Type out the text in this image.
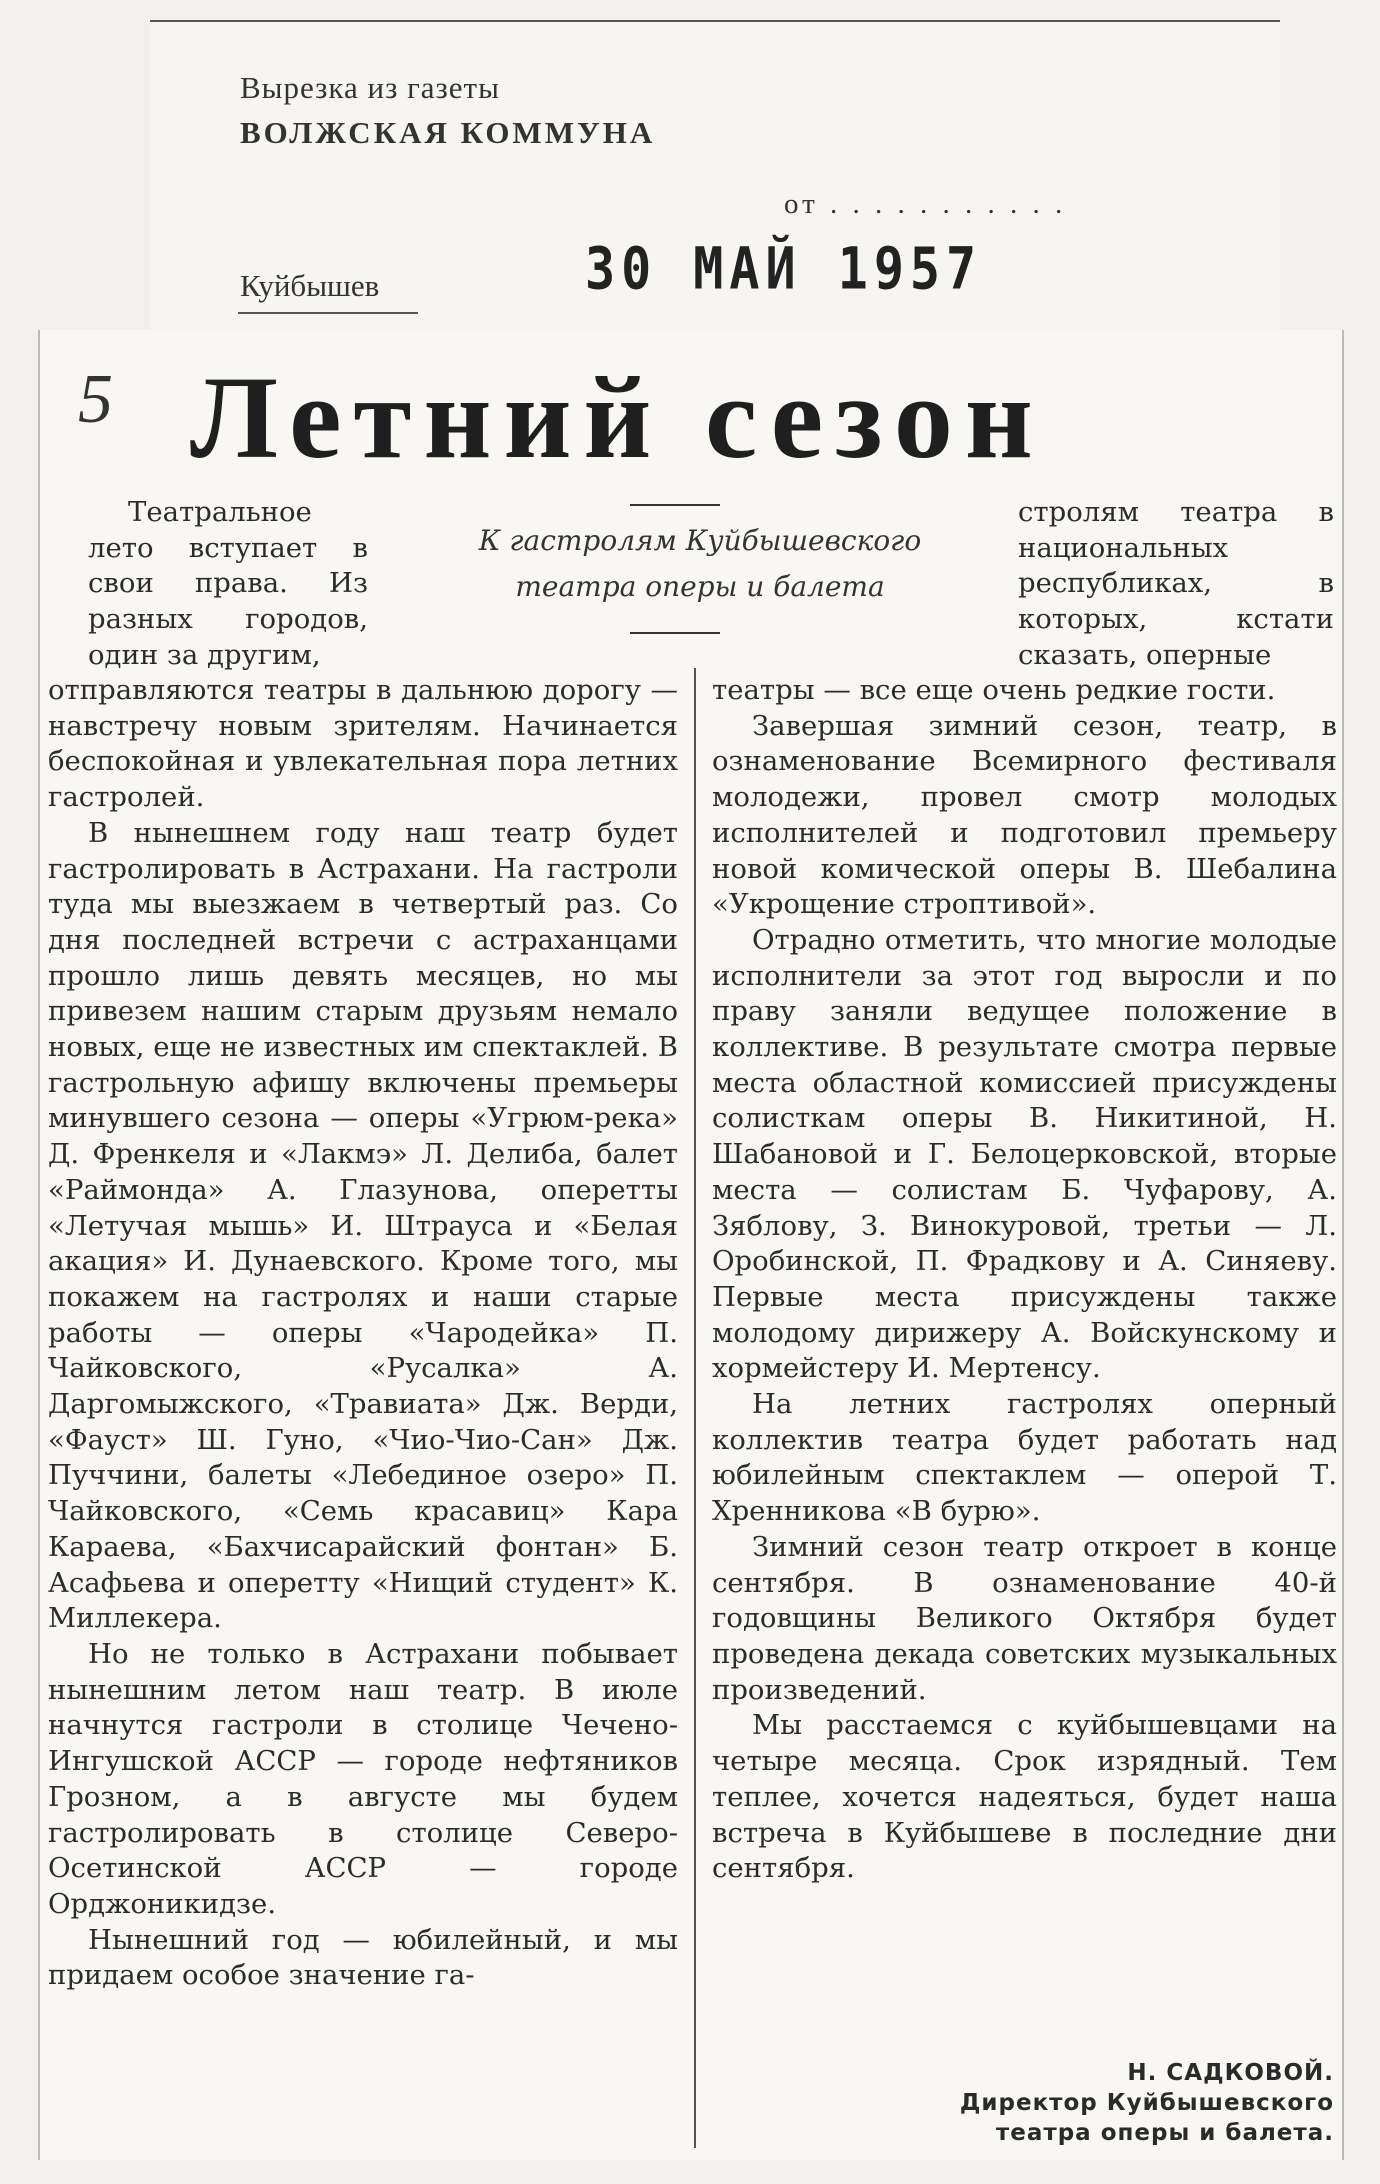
Вырезка из газеты
ВОЛЖСКАЯ КОММУНА
от . . . . . . . . . . .
Куйбышев	30 МАЙ 1957
5 Летний сезон
К гастролям Куйбышевского театра оперы и балета

Театральное лето вступает в свои права. Из разных городов, один за другим,

стролям театра в национальных республиках, в которых, кстати сказать, оперные

отправляются театры в дальнюю дорогу — навстречу новым зрителям. Начинается беспокойная и увлекательная пора летних гастролей.

В нынешнем году наш театр будет гастролировать в Астрахани. На гастроли туда мы выезжаем в четвертый раз. Со дня последней встречи с астраханцами прошло лишь девять месяцев, но мы привезем нашим старым друзьям немало новых, еще не известных им спектаклей. В гастрольную афишу включены премьеры минувшего сезона — оперы «Угрюм-река» Д. Френкеля и «Лакмэ» Л. Делиба, балет «Раймонда» А. Глазунова, оперетты «Летучая мышь» И. Штрауса и «Белая акация» И. Дунаевского. Кроме того, мы покажем на гастролях и наши старые работы — оперы «Чародейка» П. Чайковского, «Русалка» А. Даргомыжского, «Травиата» Дж. Верди, «Фауст» Ш. Гуно, «Чио-Чио-Сан» Дж. Пуччини, балеты «Лебединое озеро» П. Чайковского, «Семь красавиц» Кара Караева, «Бахчисарайский фонтан» Б. Асафьева и оперетту «Нищий студент» К. Миллекера.

Но не только в Астрахани побывает нынешним летом наш театр. В июле начнутся гастроли в столице Чечено-Ингушской АССР — городе нефтяников Грозном, а в августе мы будем гастролировать в столице Северо-Осетинской АССР — городе Орджоникидзе.

Нынешний год — юбилейный, и мы придаем особое значение га-

театры — все еще очень редкие гости.

Завершая зимний сезон, театр, в ознаменование Всемирного фестиваля молодежи, провел смотр молодых исполнителей и подготовил премьеру новой комической оперы В. Шебалина «Укрощение строптивой».

Отрадно отметить, что многие молодые исполнители за этот год выросли и по праву заняли ведущее положение в коллективе. В результате смотра первые места областной комиссией присуждены солисткам оперы В. Никитиной, Н. Шабановой и Г. Белоцерковской, вторые места — солистам Б. Чуфарову, А. Зяблову, З. Винокуровой, третьи — Л. Оробинской, П. Фрадкову и А. Синяеву. Первые места присуждены также молодому дирижеру А. Войскунскому и хормейстеру И. Мертенсу.

На летних гастролях оперный коллектив театра будет работать над юбилейным спектаклем — оперой Т. Хренникова «В бурю».

Зимний сезон театр откроет в конце сентября. В ознаменование 40-й годовщины Великого Октября будет проведена декада советских музыкальных произведений.

Мы расстаемся с куйбышевцами на четыре месяца. Срок изрядный. Тем теплее, хочется надеяться, будет наша встреча в Куйбышеве в последние дни сентября.

Н. САДКОВОЙ.
Директор Куйбышевского
театра оперы и балета.
